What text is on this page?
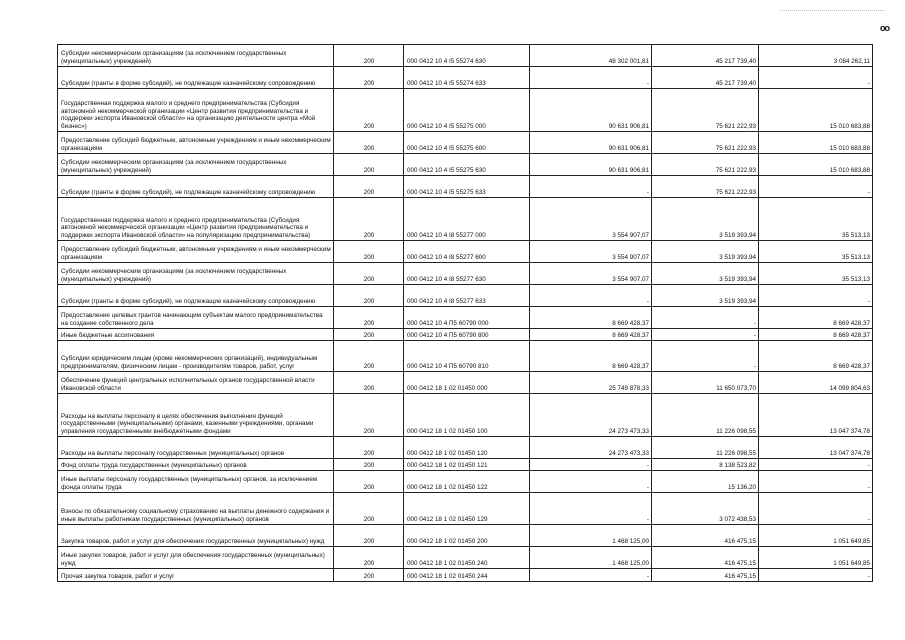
oo
Субсидии некоммерческим организациям (за исключением государственных (муниципальных) учреждений)	200	000 0412 10 4 I5 55274 630	48 302 001,81	45 217 739,40	3 084 262,11
Субсидии (гранты в форме субсидий), не подлежащие казначейскому сопровождению	200	000 0412 10 4 I5 55274 633	-	45 217 739,40	-
Государственная поддержка малого и среднего предпринимательства (Субсидия автономной некоммерческой организации «Центр развития предпринимательства и поддержки экспорта Ивановской области» на организацию деятельности центра «Мой бизнес»)	200	000 0412 10 4 I5 55275 000	90 631 906,81	75 621 222,93	15 010 683,88
Предоставление субсидий бюджетным, автономным учреждениям и иным некоммерческим организациям	200	000 0412 10 4 I5 55275 600	90 631 906,81	75 621 222,93	15 010 683,88
Субсидии некоммерческим организациям (за исключением государственных (муниципальных) учреждений)	200	000 0412 10 4 I5 55275 630	90 631 906,81	75 621 222,93	15 010 683,88
Субсидии (гранты в форме субсидий), не подлежащие казначейскому сопровождению	200	000 0412 10 4 I5 55275 633	-	75 621 222,93	-
Государственная поддержка малого и среднего предпринимательства (Субсидия автономной некоммерческой организации «Центр развития предпринимательства и поддержки экспорта Ивановской области» на популяризацию предпринимательства)	200	000 0412 10 4 I8 55277 000	3 554 907,07	3 519 393,94	35 513,13
Предоставление субсидий бюджетным, автономным учреждениям и иным некоммерческим организациям	200	000 0412 10 4 I8 55277 600	3 554 907,07	3 519 393,94	35 513,13
Субсидии некоммерческим организациям (за исключением государственных (муниципальных) учреждений)	200	000 0412 10 4 I8 55277 630	3 554 907,07	3 519 393,94	35 513,13
Субсидии (гранты в форме субсидий), не подлежащие казначейскому сопровождению	200	000 0412 10 4 I8 55277 633	-	3 519 393,94	-
Предоставление целевых грантов начинающим субъектам малого предпринимательства на создание собственного дела	200	000 0412 10 4 П5 60790 000	8 669 428,37	-	8 669 428,37
Иные бюджетные ассигнования	200	000 0412 10 4 П5 60790 800	8 669 428,37	-	8 669 428,37
Субсидии юридическим лицам (кроме некоммерческих организаций), индивидуальным предпринимателям, физическим лицам - производителям товаров, работ, услуг	200	000 0412 10 4 П5 60790 810	8 669 428,37	-	8 669 428,37
Обеспечение функций центральных исполнительных органов государственной власти Ивановской области	200	000 0412 18 1 02 01450 000	25 749 878,33	11 650 073,70	14 099 804,63
Расходы на выплаты персоналу в целях обеспечения выполнения функций государственными (муниципальными) органами, казенными учреждениями, органами управления государственными внебюджетными фондами	200	000 0412 18 1 02 01450 100	24 273 473,33	11 226 098,55	13 047 374,78
Расходы на выплаты персоналу государственных (муниципальных) органов	200	000 0412 18 1 02 01450 120	24 273 473,33	11 226 098,55	13 047 374,78
Фонд оплаты труда государственных (муниципальных) органов	200	000 0412 18 1 02 01450 121	-	8 138 523,82	-
Иные выплаты персоналу государственных (муниципальных) органов, за исключением фонда оплаты труда	200	000 0412 18 1 02 01450 122	-	15 136,20	-
Взносы по обязательному социальному страхованию на выплаты денежного содержания и иные выплаты работникам государственных (муниципальных) органов	200	000 0412 18 1 02 01450 129	-	3 072 438,53	-
Закупка товаров, работ и услуг для обеспечения государственных (муниципальных) нужд	200	000 0412 18 1 02 01450 200	1 468 125,00	416 475,15	1 051 649,85
Иные закупки товаров, работ и услуг для обеспечения государственных (муниципальных) нужд	200	000 0412 18 1 02 01450 240	1 468 125,00	416 475,15	1 051 649,85
Прочая закупка товаров, работ и услуг	200	000 0412 18 1 02 01450 244	-	416 475,15	-
